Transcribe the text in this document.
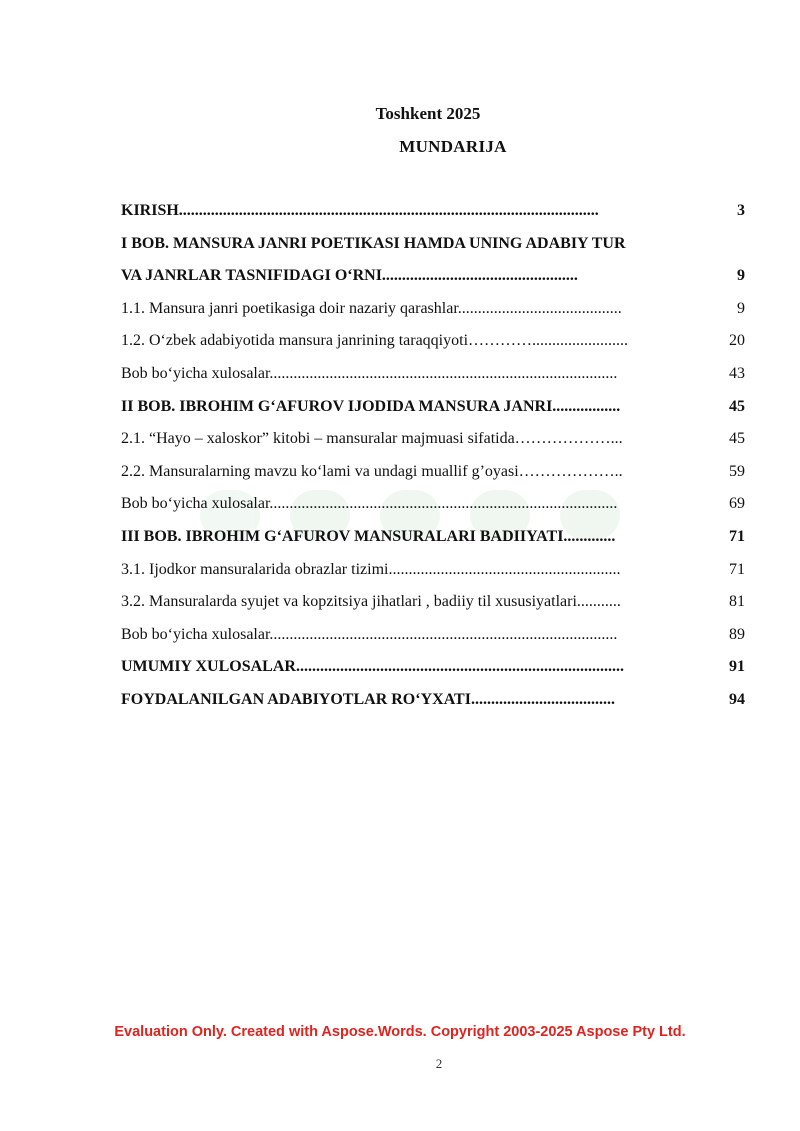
Toshkent 2025
MUNDARIJA
KIRISH.........................................................................................................	3
I BOB. MANSURA JANRI POETIKASI HAMDA UNING ADABIY TUR
VA JANRLAR TASNIFIDAGI O‘RNI.................................................	9
1.1. Mansura janri poetikasiga doir nazariy qarashlar.........................................	9
1.2. O‘zbek adabiyotida mansura janrining taraqqiyoti…………........................	20
Bob bo‘yicha xulosalar.......................................................................................	43
II BOB. IBROHIM G‘AFUROV IJODIDA MANSURA JANRI.................	45
2.1. “Hayo – xaloskor” kitobi – mansuralar majmuasi sifatida………………...	45
2.2. Mansuralarning mavzu ko‘lami va undagi muallif g’oyasi………………..	59
Bob bo‘yicha xulosalar.......................................................................................	69
III BOB. IBROHIM G‘AFUROV MANSURALARI BADIIYATI.............	71
3.1. Ijodkor mansuralarida obrazlar tizimi..........................................................	71
3.2. Mansuralarda syujet va kopzitsiya jihatlari , badiiy til xususiyatlari...........	81
Bob bo‘yicha xulosalar.......................................................................................	89
UMUMIY XULOSALAR..................................................................................	91
FOYDALANILGAN ADABIYOTLAR RO‘YXATI....................................	94
Evaluation Only. Created with Aspose.Words. Copyright 2003-2025 Aspose Pty Ltd.
2
